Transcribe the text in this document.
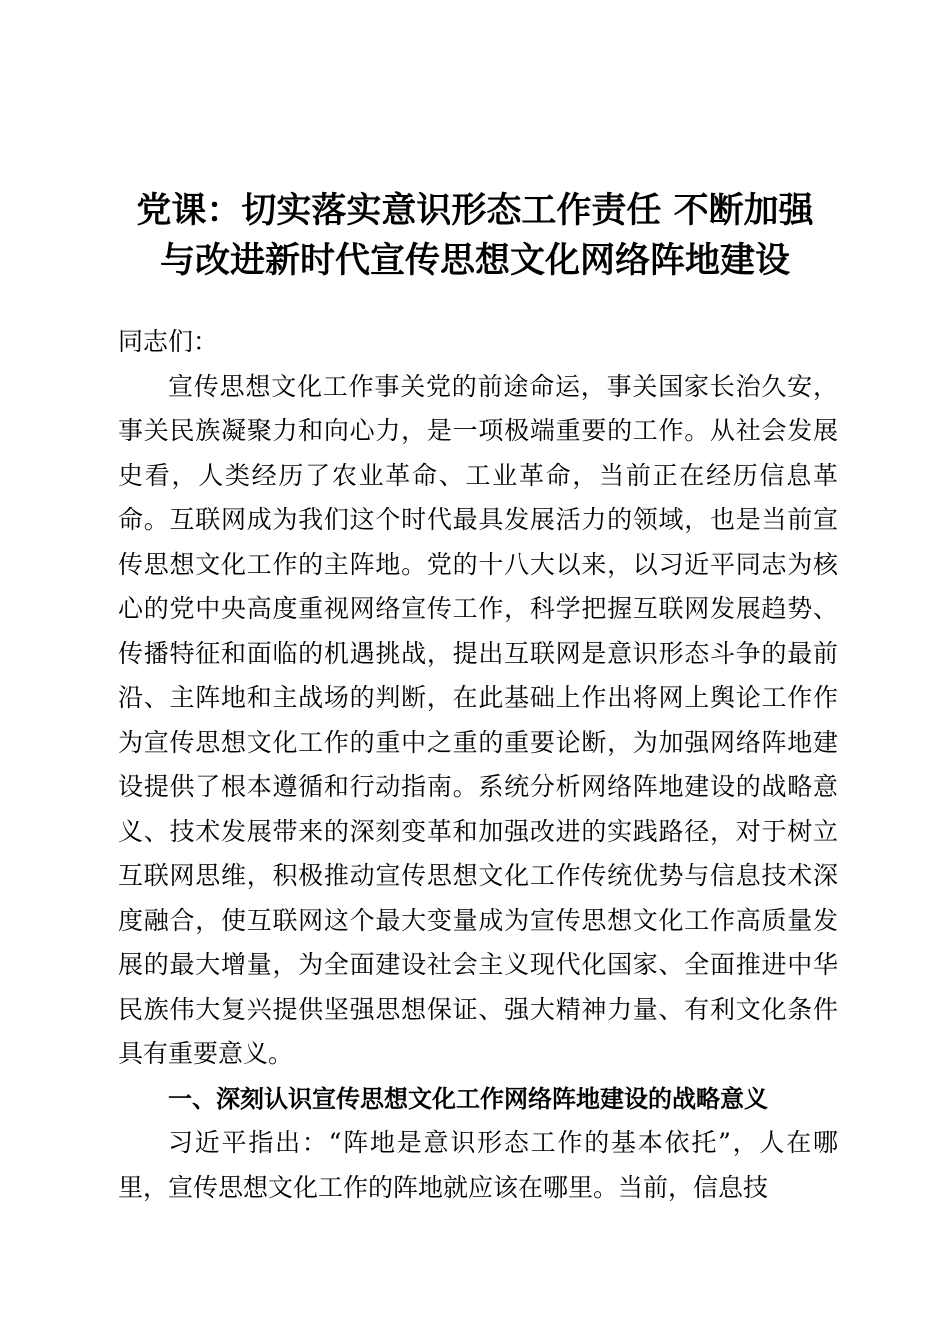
党课：切实落实意识形态工作责任 不断加强
与改进新时代宣传思想文化网络阵地建设

同志们：

宣传思想文化工作事关党的前途命运，事关国家长治久安，事关民族凝聚力和向心力，是一项极端重要的工作。从社会发展史看，人类经历了农业革命、工业革命，当前正在经历信息革命。互联网成为我们这个时代最具发展活力的领域，也是当前宣传思想文化工作的主阵地。党的十八大以来，以习近平同志为核心的党中央高度重视网络宣传工作，科学把握互联网发展趋势、传播特征和面临的机遇挑战，提出互联网是意识形态斗争的最前沿、主阵地和主战场的判断，在此基础上作出将网上舆论工作作为宣传思想文化工作的重中之重的重要论断，为加强网络阵地建设提供了根本遵循和行动指南。系统分析网络阵地建设的战略意义、技术发展带来的深刻变革和加强改进的实践路径，对于树立互联网思维，积极推动宣传思想文化工作传统优势与信息技术深度融合，使互联网这个最大变量成为宣传思想文化工作高质量发展的最大增量，为全面建设社会主义现代化国家、全面推进中华民族伟大复兴提供坚强思想保证、强大精神力量、有利文化条件具有重要意义。

一、深刻认识宣传思想文化工作网络阵地建设的战略意义

习近平指出：“阵地是意识形态工作的基本依托”，人在哪里，宣传思想文化工作的阵地就应该在哪里。当前，信息技
